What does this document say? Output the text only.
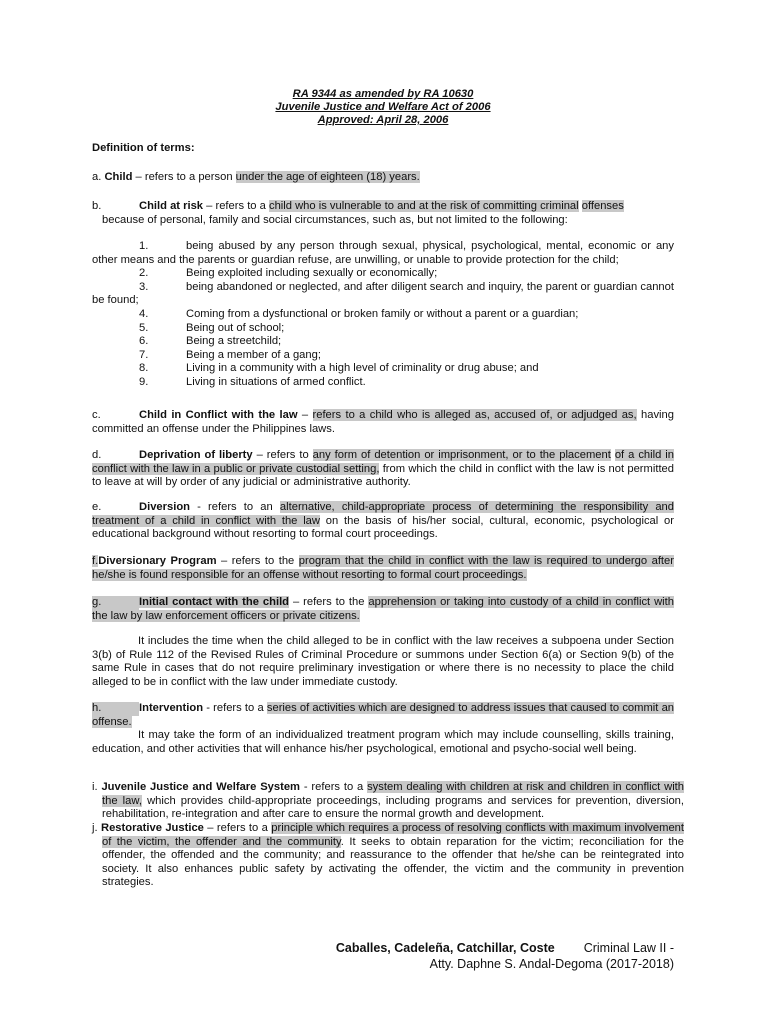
RA 9344 as amended by RA 10630
Juvenile Justice and Welfare Act of 2006
Approved: April 28, 2006
Definition of terms:
a. Child – refers to a person under the age of eighteen (18) years.
b.	Child at risk – refers to a child who is vulnerable to and at the risk of committing criminal offenses
because of personal, family and social circumstances, such as, but not limited to the following:
1.	being abused by any person through sexual, physical, psychological, mental, economic or any other means and the parents or guardian refuse, are unwilling, or unable to provide protection for the child;
2.	Being exploited including sexually or economically;
3.	being abandoned or neglected, and after diligent search and inquiry, the parent or guardian cannot be found;
4.	Coming from a dysfunctional or broken family or without a parent or a guardian;
5.	Being out of school;
6.	Being a streetchild;
7.	Being a member of a gang;
8.	Living in a community with a high level of criminality or drug abuse; and
9.	Living in situations of armed conflict.
c.	Child in Conflict with the law – refers to a child who is alleged as, accused of, or adjudged as, having committed an offense under the Philippines laws.
d.	Deprivation of liberty – refers to any form of detention or imprisonment, or to the placement of a child in conflict with the law in a public or private custodial setting, from which the child in conflict with the law is not permitted to leave at will by order of any judicial or administrative authority.
e.	Diversion - refers to an alternative, child-appropriate process of determining the responsibility and treatment of a child in conflict with the law on the basis of his/her social, cultural, economic, psychological or educational background without resorting to formal court proceedings.
f.Diversionary Program – refers to the program that the child in conflict with the law is required to undergo after he/she is found responsible for an offense without resorting to formal court proceedings.
g.	Initial contact with the child – refers to the apprehension or taking into custody of a child in conflict with the law by law enforcement officers or private citizens.
It includes the time when the child alleged to be in conflict with the law receives a subpoena under Section 3(b) of Rule 112 of the Revised Rules of Criminal Procedure or summons under Section 6(a) or Section 9(b) of the same Rule in cases that do not require preliminary investigation or where there is no necessity to place the child alleged to be in conflict with the law under immediate custody.
h.	Intervention - refers to a series of activities which are designed to address issues that caused to commit an offense.
It may take the form of an individualized treatment program which may include counselling, skills training, education, and other activities that will enhance his/her psychological, emotional and psycho-social well being.
i. Juvenile Justice and Welfare System - refers to a system dealing with children at risk and children in conflict with the law, which provides child-appropriate proceedings, including programs and services for prevention, diversion, rehabilitation, re-integration and after care to ensure the normal growth and development.
j. Restorative Justice – refers to a principle which requires a process of resolving conflicts with maximum involvement of the victim, the offender and the community. It seeks to obtain reparation for the victim; reconciliation for the offender, the offended and the community; and reassurance to the offender that he/she can be reintegrated into society. It also enhances public safety by activating the offender, the victim and the community in prevention strategies.
Caballes, Cadeleña, Catchillar, Coste Criminal Law II -
Atty. Daphne S. Andal-Degoma (2017-2018)
